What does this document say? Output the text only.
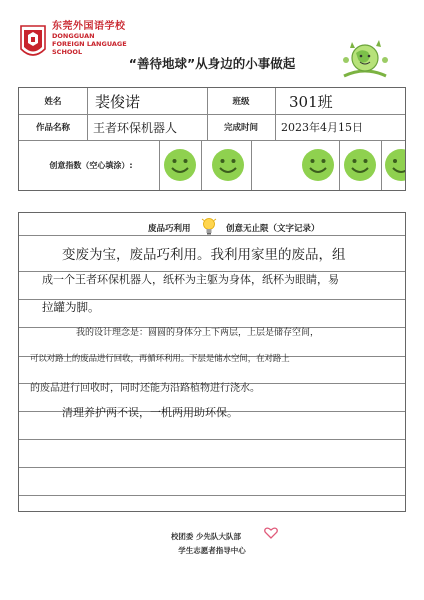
东莞外国语学校
DONGGUAN
FOREIGN LANGUAGE
SCHOOL
“善待地球”从身边的小事做起
姓名	裴俊诺	班级	301班
作品名称	王者环保机器人	完成时间	2023年4月15日
创意指数（空心填涂）:
废品巧利用	创意无止限（文字记录）
变废为宝，废品巧利用。我利用家里的废品，组
成一个王者环保机器人，纸杯为主躯为身体，纸杯为眼睛，易
拉罐为脚。
我的设计理念是：圆圆的身体分上下两层，上层是储存空间，
可以对路上的废品进行回收，再循环利用。下层是储水空间，在对路上
的废品进行回收时，同时还能为沿路植物进行浇水。
清理养护两不误，一机两用助环保。
校团委 少先队大队部
学生志愿者指导中心
